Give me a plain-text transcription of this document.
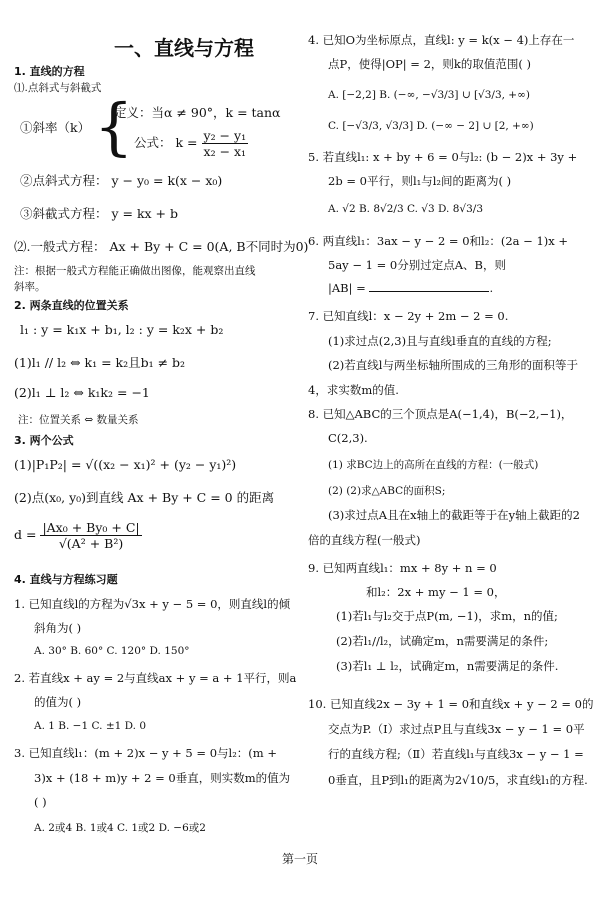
一、直线与方程
1. 直线的方程
⑴.点斜式与斜截式
①斜率（k） {
定义：当α ≠ 90°，k = tanα
公式： $k = \frac{\text{y₂ − y₁}}{\text{x₂ − x₁}}$
②点斜式方程： y − y₀ = k(x − x₀)
③斜截式方程： y = kx + b
⑵.一般式方程： Ax + By + C = 0(A, B不同时为0)
注：根据一般式方程能正确做出图像，能观察出直线
斜率。
2. 两条直线的位置关系
l₁ : y = k₁x + b₁, l₂ : y = k₂x + b₂
(1)l₁ // l₂ ⇔ k₁ = k₂且b₁ ≠ b₂
(2)l₁ ⊥ l₂ ⇔ k₁k₂ = −1
注：位置关系 ⇔ 数量关系
3. 两个公式
(1)|P₁P₂| = √((x₂ − x₁)² + (y₂ − y₁)²)
(2)点(x₀, y₀)到直线 Ax + By + C = 0 的距离
$d = \frac{\text{|Ax₀ + By₀ + C|}}{\text{√(A² + B²)}}$
4. 直线与方程练习题
1. 已知直线l的方程为√3x + y − 5 = 0，则直线l的倾
斜角为( )
A. 30° B. 60° C. 120° D. 150°
2. 若直线x + ay = 2与直线ax + y = a + 1平行，则a
的值为( )
A. 1 B. −1 C. ±1 D. 0
3. 已知直线l₁：(m + 2)x − y + 5 = 0与l₂：(m +
3)x + (18 + m)y + 2 = 0垂直，则实数m的值为
( )
A. 2或4 B. 1或4 C. 1或2 D. −6或2
4. 已知O为坐标原点，直线l: y = k(x − 4)上存在一
点P，使得|OP| = 2，则k的取值范围( )
A. [−2,2] B. (−∞, −√3/3] ∪ [√3/3, +∞)
C. [−√3/3, √3/3] D. (−∞ − 2] ∪ [2, +∞)
5. 若直线l₁: x + by + 6 = 0与l₂: (b − 2)x + 3y +
2b = 0平行，则l₁与l₂间的距离为( )
A. √2 B. 8√2/3 C. √3 D. 8√3/3
6. 两直线l₁：3ax − y − 2 = 0和l₂：(2a − 1)x +
5ay − 1 = 0分别过定点A、B，则
|AB| =	.
7. 已知直线l：x − 2y + 2m − 2 = 0.
(1)求过点(2,3)且与直线l垂直的直线的方程;
(2)若直线l与两坐标轴所围成的三角形的面积等于
4，求实数m的值.
8. 已知△ABC的三个顶点是A(−1,4)，B(−2,−1)，
C(2,3).
(1) 求BC边上的高所在直线的方程：(一般式)
(2) (2)求△ABC的面积S;
(3)求过点A且在x轴上的截距等于在y轴上截距的2
倍的直线方程(一般式)
9. 已知两直线l₁：mx + 8y + n = 0
和l₂：2x + my − 1 = 0，
(1)若l₁与l₂交于点P(m, −1)，求m，n的值;
(2)若l₁//l₂，试确定m，n需要满足的条件;
(3)若l₁ ⊥ l₂，试确定m，n需要满足的条件.
10. 已知直线2x − 3y + 1 = 0和直线x + y − 2 = 0的
交点为P.（Ⅰ）求过点P且与直线3x − y − 1 = 0平
行的直线方程;（Ⅱ）若直线l₁与直线3x − y − 1 =
0垂直，且P到l₁的距离为2√10/5，求直线l₁的方程.
第一页
